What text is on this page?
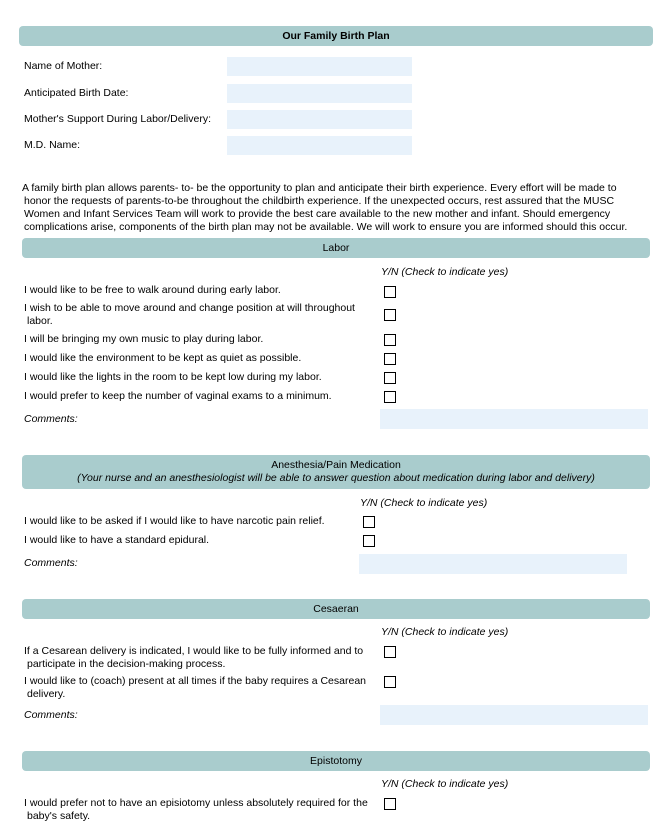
Our Family Birth Plan
Name of Mother:
Anticipated Birth Date:
Mother's Support During Labor/Delivery:
M.D. Name:
A family birth plan allows parents- to- be the opportunity to plan and anticipate their birth experience. Every effort will be made to
honor the requests of parents-to-be throughout the childbirth experience. If the unexpected occurs, rest assured that the MUSC
Women and Infant Services Team will work to provide the best care available to the new mother and infant. Should emergency
complications arise, components of the birth plan may not be available. We will work to ensure you are informed should this occur.
Labor
Y/N (Check to indicate yes)
I would like to be free to walk around during early labor.
I wish to be able to move around and change position at will throughout
labor.
I will be bringing my own music to play during labor.
I would like the environment to be kept as quiet as possible.
I would like the lights in the room to be kept low during my labor.
I would prefer to keep the number of vaginal exams to a minimum.
Comments:
Anesthesia/Pain Medication
(Your nurse and an anesthesiologist will be able to answer question about medication during labor and delivery)
Y/N (Check to indicate yes)
I would like to be asked if I would like to have narcotic pain relief.
I would like to have a standard epidural.
Comments:
Cesaeran
Y/N (Check to indicate yes)
If a Cesarean delivery is indicated, I would like to be fully informed and to
participate in the decision-making process.
I would like to (coach) present at all times if the baby requires a Cesarean
delivery.
Comments:
Epistotomy
Y/N (Check to indicate yes)
I would prefer not to have an episiotomy unless absolutely required for the
baby's safety.
